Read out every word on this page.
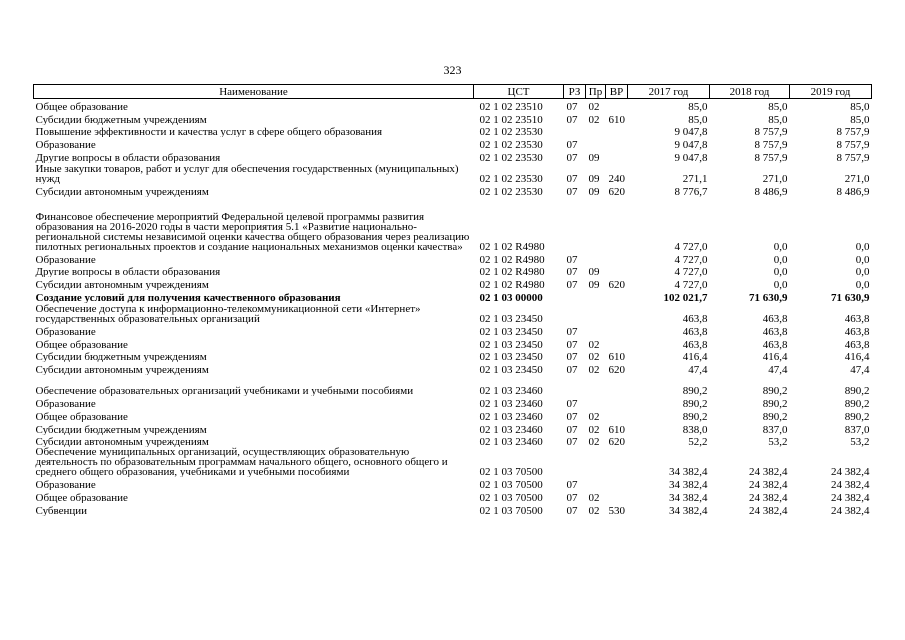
323
Наименование	ЦСТ	РЗ	Пр	ВР	2017 год	2018 год	2019 год
Общее образование	02 1 02 23510	07	02		85,0	85,0	85,0
Субсидии бюджетным учреждениям	02 1 02 23510	07	02	610	85,0	85,0	85,0
Повышение эффективности и качества услуг в сфере общего образования	02 1 02 23530				9 047,8	8 757,9	8 757,9
Образование	02 1 02 23530	07			9 047,8	8 757,9	8 757,9
Другие вопросы в области образования	02 1 02 23530	07	09		9 047,8	8 757,9	8 757,9
Иные закупки товаров, работ и услуг для обеспечения государственных (муниципальных) нужд	02 1 02 23530	07	09	240	271,1	271,0	271,0
Субсидии автономным учреждениям	02 1 02 23530	07	09	620	8 776,7	8 486,9	8 486,9
Финансовое обеспечение мероприятий Федеральной целевой программы развития образования на 2016-2020 годы в части мероприятия 5.1 «Развитие национально-региональной системы независимой оценки качества общего образования через реализацию пилотных региональных проектов и создание национальных механизмов оценки качества»	02 1 02 R4980				4 727,0	0,0	0,0
Образование	02 1 02 R4980	07			4 727,0	0,0	0,0
Другие вопросы в области образования	02 1 02 R4980	07	09		4 727,0	0,0	0,0
Субсидии автономным учреждениям	02 1 02 R4980	07	09	620	4 727,0	0,0	0,0
Создание условий для получения качественного образования	02 1 03 00000				102 021,7	71 630,9	71 630,9
Обеспечение доступа к информационно-телекоммуникационной сети «Интернет» государственных образовательных организаций	02 1 03 23450				463,8	463,8	463,8
Образование	02 1 03 23450	07			463,8	463,8	463,8
Общее образование	02 1 03 23450	07	02		463,8	463,8	463,8
Субсидии бюджетным учреждениям	02 1 03 23450	07	02	610	416,4	416,4	416,4
Субсидии автономным учреждениям	02 1 03 23450	07	02	620	47,4	47,4	47,4
Обеспечение образовательных организаций учебниками и учебными пособиями	02 1 03 23460				890,2	890,2	890,2
Образование	02 1 03 23460	07			890,2	890,2	890,2
Общее образование	02 1 03 23460	07	02		890,2	890,2	890,2
Субсидии бюджетным учреждениям	02 1 03 23460	07	02	610	838,0	837,0	837,0
Субсидии автономным учреждениям	02 1 03 23460	07	02	620	52,2	53,2	53,2
Обеспечение муниципальных организаций, осуществляющих образовательную деятельность по образовательным программам начального общего, основного общего и среднего общего образования, учебниками и учебными пособиями	02 1 03 70500				34 382,4	24 382,4	24 382,4
Образование	02 1 03 70500	07			34 382,4	24 382,4	24 382,4
Общее образование	02 1 03 70500	07	02		34 382,4	24 382,4	24 382,4
Субвенции	02 1 03 70500	07	02	530	34 382,4	24 382,4	24 382,4
